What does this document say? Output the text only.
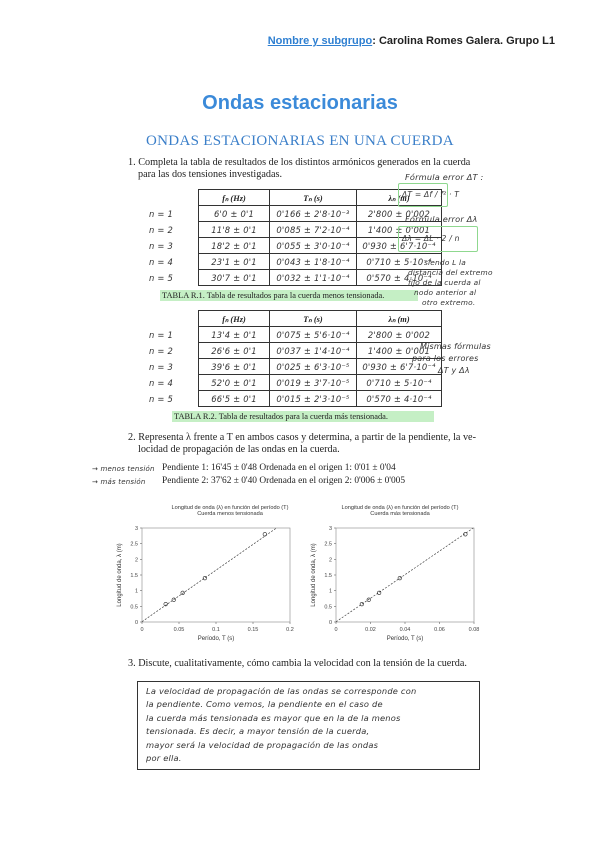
Nombre y subgrupo: Carolina Romes Galera. Grupo L1
Ondas estacionarias
ONDAS ESTACIONARIAS EN UNA CUERDA
1. Completa la tabla de resultados de los distintos armónicos generados en la cuerda
para las dos tensiones investigadas.
	fₙ (Hz)	Tₙ (s)	λₙ (m)
n = 1	6'0 ± 0'1	0'166 ± 2'8·10⁻³	2'800 ± 0'002
n = 2	11'8 ± 0'1	0'085 ± 7'2·10⁻⁴	1'400 ± 0'001
n = 3	18'2 ± 0'1	0'055 ± 3'0·10⁻⁴	0'930 ± 6'7·10⁻⁴
n = 4	23'1 ± 0'1	0'043 ± 1'8·10⁻⁴	0'710 ± 5·10⁻⁴
n = 5	30'7 ± 0'1	0'032 ± 1'1·10⁻⁴	0'570 ± 4·10⁻⁴
TABLA R.1. Tabla de resultados para la cuerda menos tensionada.
Fórmula error ΔT :
ΔT = Δf / f² · T
Fórmula error Δλ
Δλ = ΔL · 2 / n
siendo L la
distancia del extremo
fijo de la cuerda al
nodo anterior al
otro extremo.
	fₙ (Hz)	Tₙ (s)	λₙ (m)
n = 1	13'4 ± 0'1	0'075 ± 5'6·10⁻⁴	2'800 ± 0'002
n = 2	26'6 ± 0'1	0'037 ± 1'4·10⁻⁴	1'400 ± 0'001
n = 3	39'6 ± 0'1	0'025 ± 6'3·10⁻⁵	0'930 ± 6'7·10⁻⁴
n = 4	52'0 ± 0'1	0'019 ± 3'7·10⁻⁵	0'710 ± 5·10⁻⁴
n = 5	66'5 ± 0'1	0'015 ± 2'3·10⁻⁵	0'570 ± 4·10⁻⁴
TABLA R.2. Tabla de resultados para la cuerda más tensionada.
Mismas fórmulas
para los errores
ΔT y Δλ
2. Representa λ frente a T en ambos casos y determina, a partir de la pendiente, la ve-
locidad de propagación de las ondas en la cuerda.
→ menos tensión Pendiente 1: 16'45 ± 0'48 Ordenada en el origen 1: 0'01 ± 0'04
→ más tensión Pendiente 2: 37'62 ± 0'40 Ordenada en el origen 2: 0'006 ± 0'005
Longitud de onda (λ) en función del período (T)
Cuerda menos tensionada
0
0.5
1
1.5
2
2.5
3
0	0.05	0.1	0.15	0.2
Período, T (s)
Longitud de onda, λ (m)
Longitud de onda (λ) en función del período (T)
Cuerda más tensionada
0
0.5
1
1.5
2
2.5
3
0	0.02	0.04	0.06	0.08
Período, T (s)
Longitud de onda, λ (m)
3. Discute, cualitativamente, cómo cambia la velocidad con la tensión de la cuerda.
La velocidad de propagación de las ondas se corresponde con
la pendiente. Como vemos, la pendiente en el caso de
la cuerda más tensionada es mayor que en la de la menos
tensionada. Es decir, a mayor tensión de la cuerda,
mayor será la velocidad de propagación de las ondas
por ella.
